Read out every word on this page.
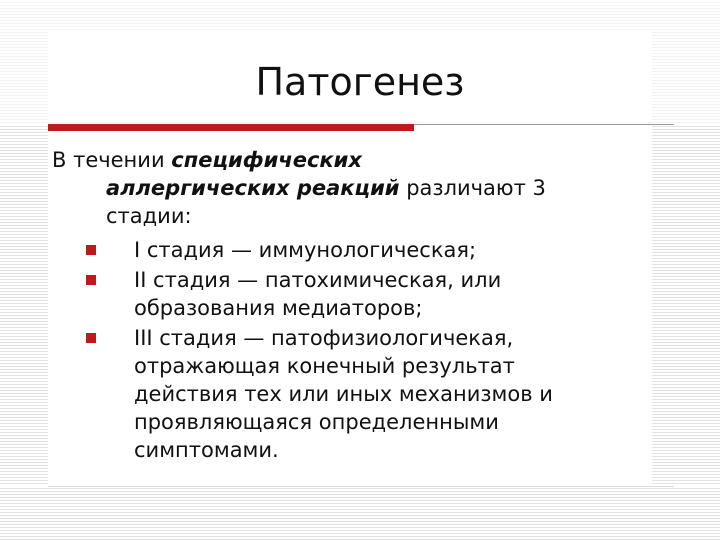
Патогенез

В течении специфических
аллергических реакций различают 3
стадии:

I стадия — иммунологическая;
II стадия — патохимическая, или
образования медиаторов;
III стадия — патофизиологичекая,
отражающая конечный результат
действия тех или иных механизмов и
проявляющаяся определенными
симптомами.
